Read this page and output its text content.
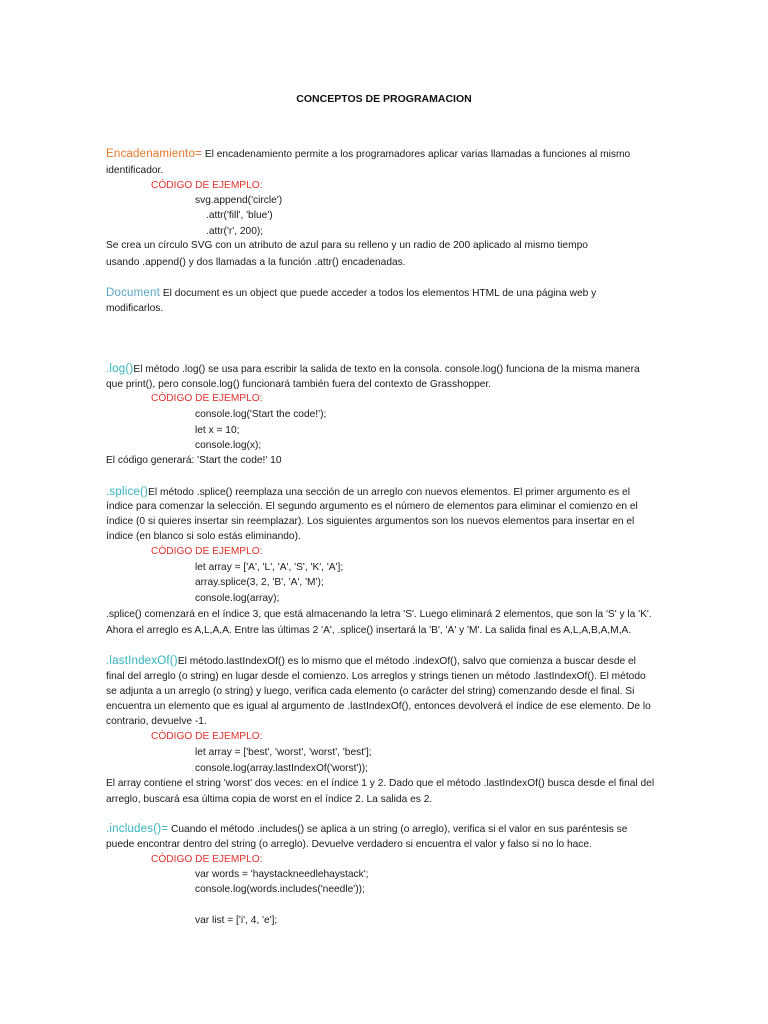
CONCEPTOS DE PROGRAMACION
Encadenamiento= El encadenamiento permite a los programadores aplicar varias llamadas a funciones al mismo
identificador.
CÓDIGO DE EJEMPLO:
svg.append('circle')
.attr('fill', 'blue')
.attr('r', 200);
Se crea un círculo SVG con un atributo de azul para su relleno y un radio de 200 aplicado al mismo tiempo
usando .append() y dos llamadas a la función .attr() encadenadas.
Document El document es un object que puede acceder a todos los elementos HTML de una página web y
modificarlos.
.log()El método .log() se usa para escribir la salida de texto en la consola. console.log() funciona de la misma manera
que print(), pero console.log() funcionará también fuera del contexto de Grasshopper.
CÓDIGO DE EJEMPLO:
console.log('Start the code!');
let x = 10;
console.log(x);
El código generará: 'Start the code!' 10
.splice()El método .splice() reemplaza una sección de un arreglo con nuevos elementos. El primer argumento es el
índice para comenzar la selección. El segundo argumento es el número de elementos para eliminar el comienzo en el
índice (0 si quieres insertar sin reemplazar). Los siguientes argumentos son los nuevos elementos para insertar en el
índice (en blanco si solo estás eliminando).
CÓDIGO DE EJEMPLO:
let array = ['A', 'L', 'A', 'S', 'K', 'A'];
array.splice(3, 2, 'B', 'A', 'M');
console.log(array);
.splice() comenzará en el índice 3, que está almacenando la letra 'S'. Luego eliminará 2 elementos, que son la 'S' y la 'K'.
Ahora el arreglo es A,L,A,A. Entre las últimas 2 'A', .splice() insertará la 'B', 'A' y 'M'. La salida final es A,L,A,B,A,M,A.
.lastIndexOf()El método.lastIndexOf() es lo mismo que el método .indexOf(), salvo que comienza a buscar desde el
final del arreglo (o string) en lugar desde el comienzo. Los arreglos y strings tienen un método .lastIndexOf(). El método
se adjunta a un arreglo (o string) y luego, verifica cada elemento (o carácter del string) comenzando desde el final. Si
encuentra un elemento que es igual al argumento de .lastIndexOf(), entonces devolverá el índice de ese elemento. De lo
contrario, devuelve -1.
CÓDIGO DE EJEMPLO:
let array = ['best', 'worst', 'worst', 'best'];
console.log(array.lastIndexOf('worst'));
El array contiene el string 'worst' dos veces: en el índice 1 y 2. Dado que el método .lastIndexOf() busca desde el final del
arreglo, buscará esa última copia de worst en el índice 2. La salida es 2.
.includes()= Cuando el método .includes() se aplica a un string (o arreglo), verifica si el valor en sus paréntesis se
puede encontrar dentro del string (o arreglo). Devuelve verdadero si encuentra el valor y falso si no lo hace.
CÓDIGO DE EJEMPLO:
var words = 'haystackneedlehaystack';
console.log(words.includes('needle'));
var list = ['i', 4, 'e'];
